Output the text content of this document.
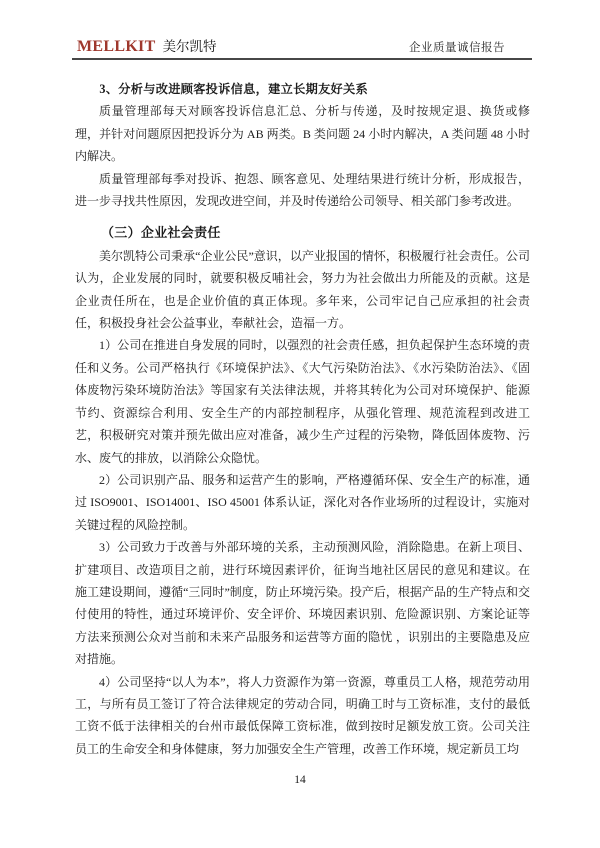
MELLKIT 美尔凯特	企业质量诚信报告

3、分析与改进顾客投诉信息，建立长期友好关系

质量管理部每天对顾客投诉信息汇总、分析与传递，及时按规定退、换货或修理，并针对问题原因把投诉分为 AB 两类。B 类问题 24 小时内解决，A 类问题 48 小时内解决。

质量管理部每季对投诉、抱怨、顾客意见、处理结果进行统计分析，形成报告，进一步寻找共性原因，发现改进空间，并及时传递给公司领导、相关部门参考改进。

（三）企业社会责任

美尔凯特公司秉承“企业公民”意识，以产业报国的情怀，积极履行社会责任。公司认为，企业发展的同时，就要积极反哺社会，努力为社会做出力所能及的贡献。这是企业责任所在，也是企业价值的真正体现。多年来，公司牢记自己应承担的社会责任，积极投身社会公益事业，奉献社会，造福一方。

1）公司在推进自身发展的同时，以强烈的社会责任感，担负起保护生态环境的责任和义务。公司严格执行《环境保护法》、《大气污染防治法》、《水污染防治法》、《固体废物污染环境防治法》等国家有关法律法规，并将其转化为公司对环境保护、能源节约、资源综合利用、安全生产的内部控制程序，从强化管理、规范流程到改进工艺，积极研究对策并预先做出应对准备，减少生产过程的污染物，降低固体废物、污水、废气的排放，以消除公众隐忧。

2）公司识别产品、服务和运营产生的影响，严格遵循环保、安全生产的标准，通过 ISO9001、ISO14001、ISO 45001 体系认证，深化对各作业场所的过程设计，实施对关键过程的风险控制。

3）公司致力于改善与外部环境的关系，主动预测风险，消除隐患。在新上项目、扩建项目、改造项目之前，进行环境因素评价，征询当地社区居民的意见和建议。在施工建设期间，遵循“三同时”制度，防止环境污染。投产后，根据产品的生产特点和交付使用的特性，通过环境评价、安全评价、环境因素识别、危险源识别、方案论证等方法来预测公众对当前和未来产品服务和运营等方面的隐忧 ，识别出的主要隐患及应对措施。

4）公司坚持“以人为本”，将人力资源作为第一资源，尊重员工人格，规范劳动用工，与所有员工签订了符合法律规定的劳动合同，明确工时与工资标准，支付的最低工资不低于法律相关的台州市最低保障工资标准，做到按时足额发放工资。公司关注员工的生命安全和身体健康，努力加强安全生产管理，改善工作环境，规定新员工均

14
